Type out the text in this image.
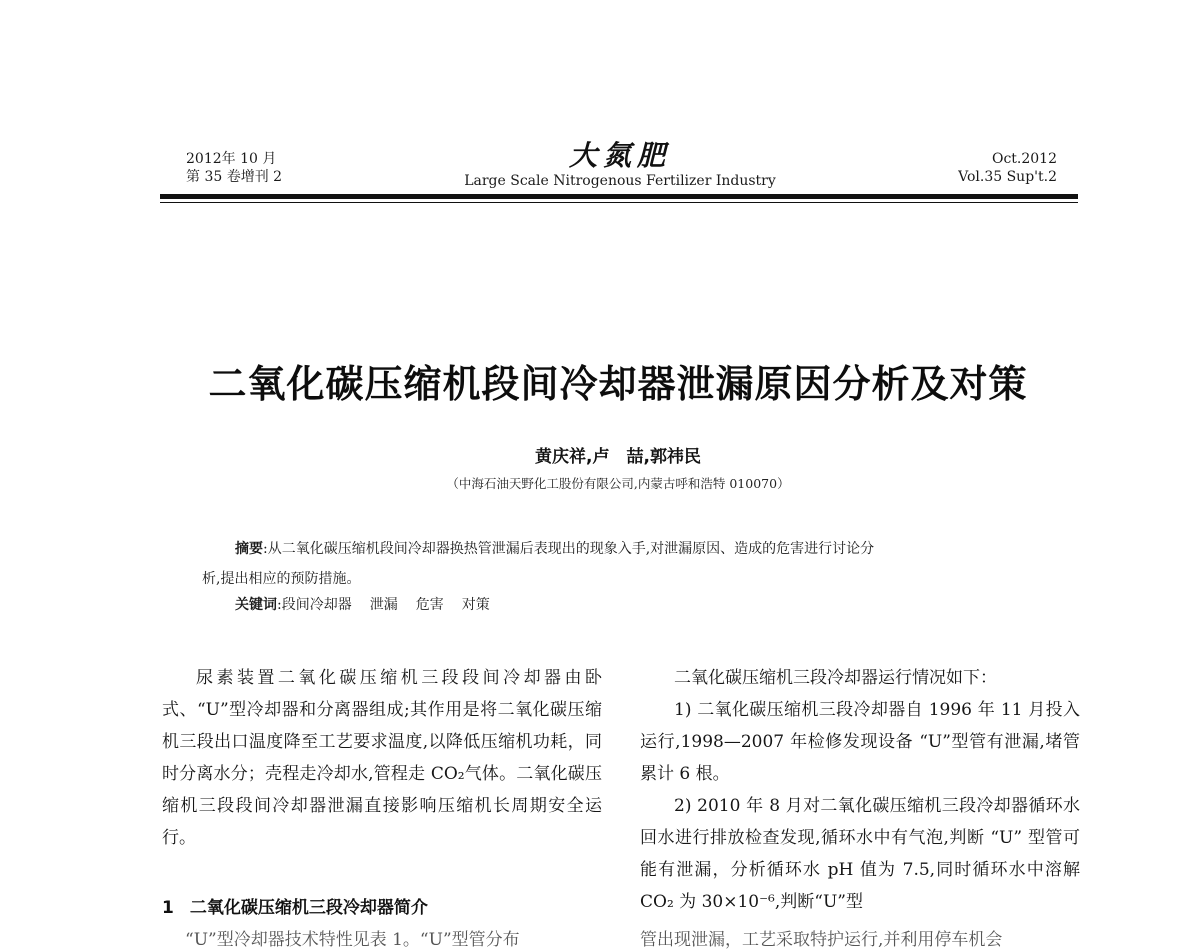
2012年 10 月
第 35 卷增刊 2
大氮肥
Large Scale Nitrogenous Fertilizer Industry
Oct.2012
Vol.35 Sup't.2
二氧化碳压缩机段间冷却器泄漏原因分析及对策
黄庆祥,卢　喆,郭祎民
（中海石油天野化工股份有限公司,内蒙古呼和浩特 010070）
摘要:从二氧化碳压缩机段间冷却器换热管泄漏后表现出的现象入手,对泄漏原因、造成的危害进行讨论分
析,提出相应的预防措施。
关键词:段间冷却器 泄漏 危害 对策

尿素装置二氧化碳压缩机三段段间冷却器由卧式、“U”型冷却器和分离器组成;其作用是将二氧化碳压缩机三段出口温度降至工艺要求温度,以降低压缩机功耗，同时分离水分；壳程走冷却水,管程走 CO₂气体。二氧化碳压缩机三段段间冷却器泄漏直接影响压缩机长周期安全运行。

1 二氧化碳压缩机三段冷却器简介
“U”型冷却器技术特性见表 1。“U”型管分布

二氧化碳压缩机三段冷却器运行情况如下：

1) 二氧化碳压缩机三段冷却器自 1996 年 11 月投入运行,1998—2007 年检修发现设备 “U”型管有泄漏,堵管累计 6 根。

2) 2010 年 8 月对二氧化碳压缩机三段冷却器循环水回水进行排放检查发现,循环水中有气泡,判断 “U” 型管可能有泄漏，分析循环水 pH 值为 7.5,同时循环水中溶解 CO₂ 为 30×10⁻⁶,判断“U”型

管出现泄漏，工艺采取特护运行,并利用停车机会
